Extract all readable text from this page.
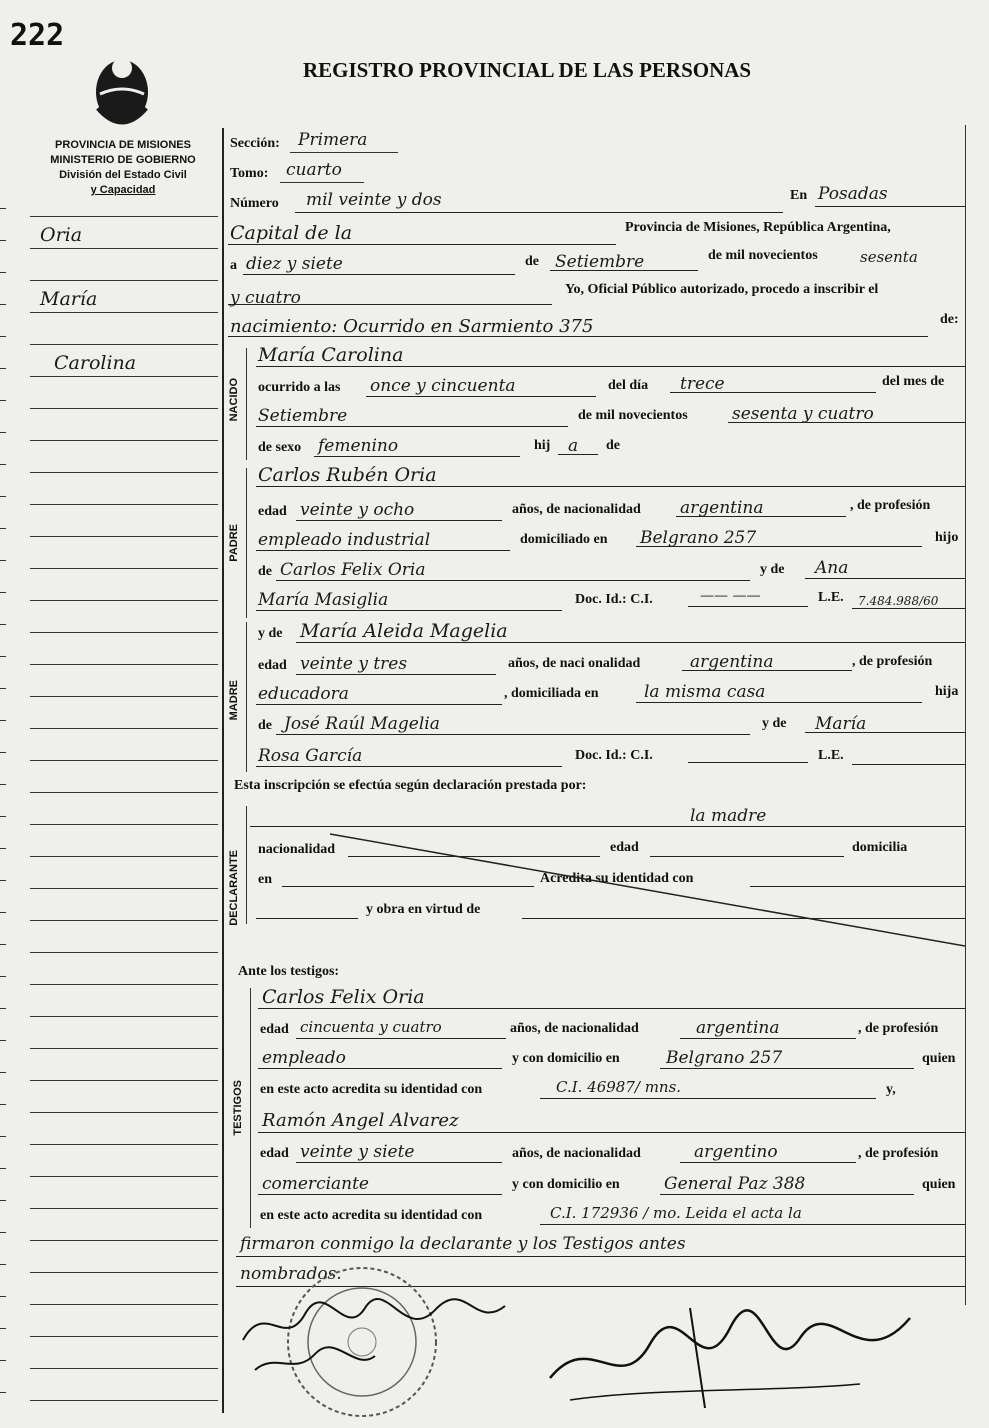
222
REGISTRO PROVINCIAL DE LAS PERSONAS
PROVINCIA DE MISIONES
MINISTERIO DE GOBIERNO
División del Estado Civil
y Capacidad
Oria
María
Carolina
Sección: Primera
Tomo: cuarto
Número mil veinte y dos	En Posadas
Capital de la	Provincia de Misiones, República Argentina,
a diez y siete	de Setiembre	de mil novecientos	sesenta
y cuatro	Yo, Oficial Público autorizado, procedo a inscribir el
nacimiento: Ocurrido en Sarmiento 375	de:
NACIDO
María Carolina
ocurrido a las once y cincuenta	del día trece	del mes de
Setiembre	de mil novecientos	sesenta y cuatro
de sexo femenino	hij a de
PADRE
Carlos Rubén Oria
edad veinte y ocho	años, de nacionalidad argentina	, de profesión
empleado industrial	domiciliado en Belgrano 257	hijo
de Carlos Felix Oria	y de Ana
María Masiglia	Doc. Id.: C.I.	—— ——	L.E. 7.484.988/60
MADRE
y de María Aleida Magelia
edad veinte y tres	años, de naci onalidad	argentina	, de profesión
educadora	, domiciliada en	la misma casa	hija
de José Raúl Magelia	y de María
Rosa García	Doc. Id.: C.I.	L.E.
Esta inscripción se efectúa según declaración prestada por:
DECLARANTE
la madre
nacionalidad	edad	domicilia
en	Acredita su identidad con
y obra en virtud de
Ante los testigos:
TESTIGOS
Carlos Felix Oria
edad cincuenta y cuatro	años, de nacionalidad	argentina	, de profesión
empleado	y con domicilio en	Belgrano 257	quien
en este acto acredita su identidad con	C.I. 46987/ mns.	y,
Ramón Angel Alvarez
edad veinte y siete	años, de nacionalidad	argentino	, de profesión
comerciante	y con domicilio en	General Paz 388	quien
en este acto acredita su identidad con	C.I. 172936 / mo. Leida el acta la
firmaron conmigo la declarante y los Testigos antes
nombrados.
